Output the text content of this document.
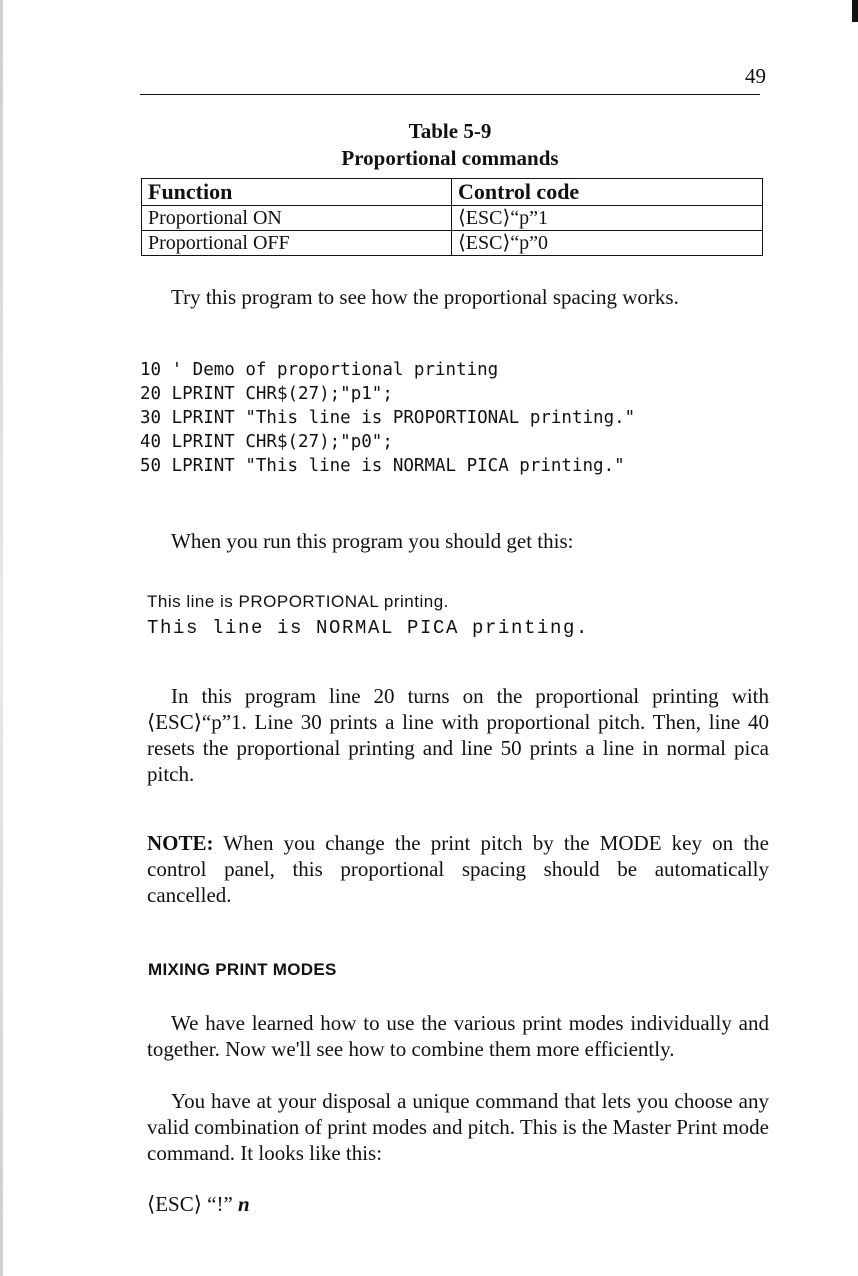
49
Table 5-9
Proportional commands
Function	Control code
Proportional ON	⟨ESC⟩“p”1
Proportional OFF	⟨ESC⟩“p”0

Try this program to see how the proportional spacing works.

10 ' Demo of proportional printing
20 LPRINT CHR$(27);"p1";
30 LPRINT "This line is PROPORTIONAL printing."
40 LPRINT CHR$(27);"p0";
50 LPRINT "This line is NORMAL PICA printing."

When you run this program you should get this:

This line is PROPORTIONAL printing.
This line is NORMAL PICA printing.

In this program line 20 turns on the proportional printing with ⟨ESC⟩“p”1. Line 30 prints a line with proportional pitch. Then, line 40 resets the proportional printing and line 50 prints a line in normal pica pitch.

NOTE: When you change the print pitch by the MODE key on the control panel, this proportional spacing should be automatically cancelled.

MIXING PRINT MODES

We have learned how to use the various print modes individually and together. Now we'll see how to combine them more efficiently.

You have at your disposal a unique command that lets you choose any valid combination of print modes and pitch. This is the Master Print mode command. It looks like this:

⟨ESC⟩ “!” n
